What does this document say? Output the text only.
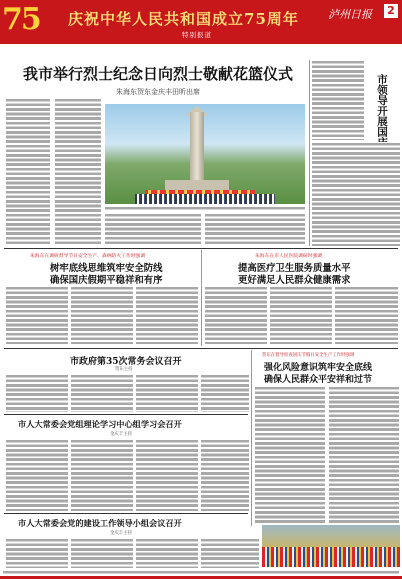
75 庆祝中华人民共和国成立75周年
特别报道
泸州日报 2
我市举行烈士纪念日向烈士敬献花篮仪式
朱海东贺东金庆丰田昕出席	市领导开展国庆节走访慰问活动
朱海东在调研督导节日安全生产、森林防火工作时强调
树牢底线思维筑牢安全防线
确保国庆假期平稳祥和有序
朱海东在市人民医院调研时强调
提高医疗卫生服务质量水平
更好满足人民群众健康需求
市政府第35次常务会议召开
贺东主持
贺东在督导检查国庆节假日安全生产工作时强调
强化风险意识筑牢安全底线
确保人民群众平安祥和过节
市人大常委会党组理论学习中心组学习会召开
金庆丰主持
市人大常委会党的建设工作领导小组会议召开
金庆丰主持
